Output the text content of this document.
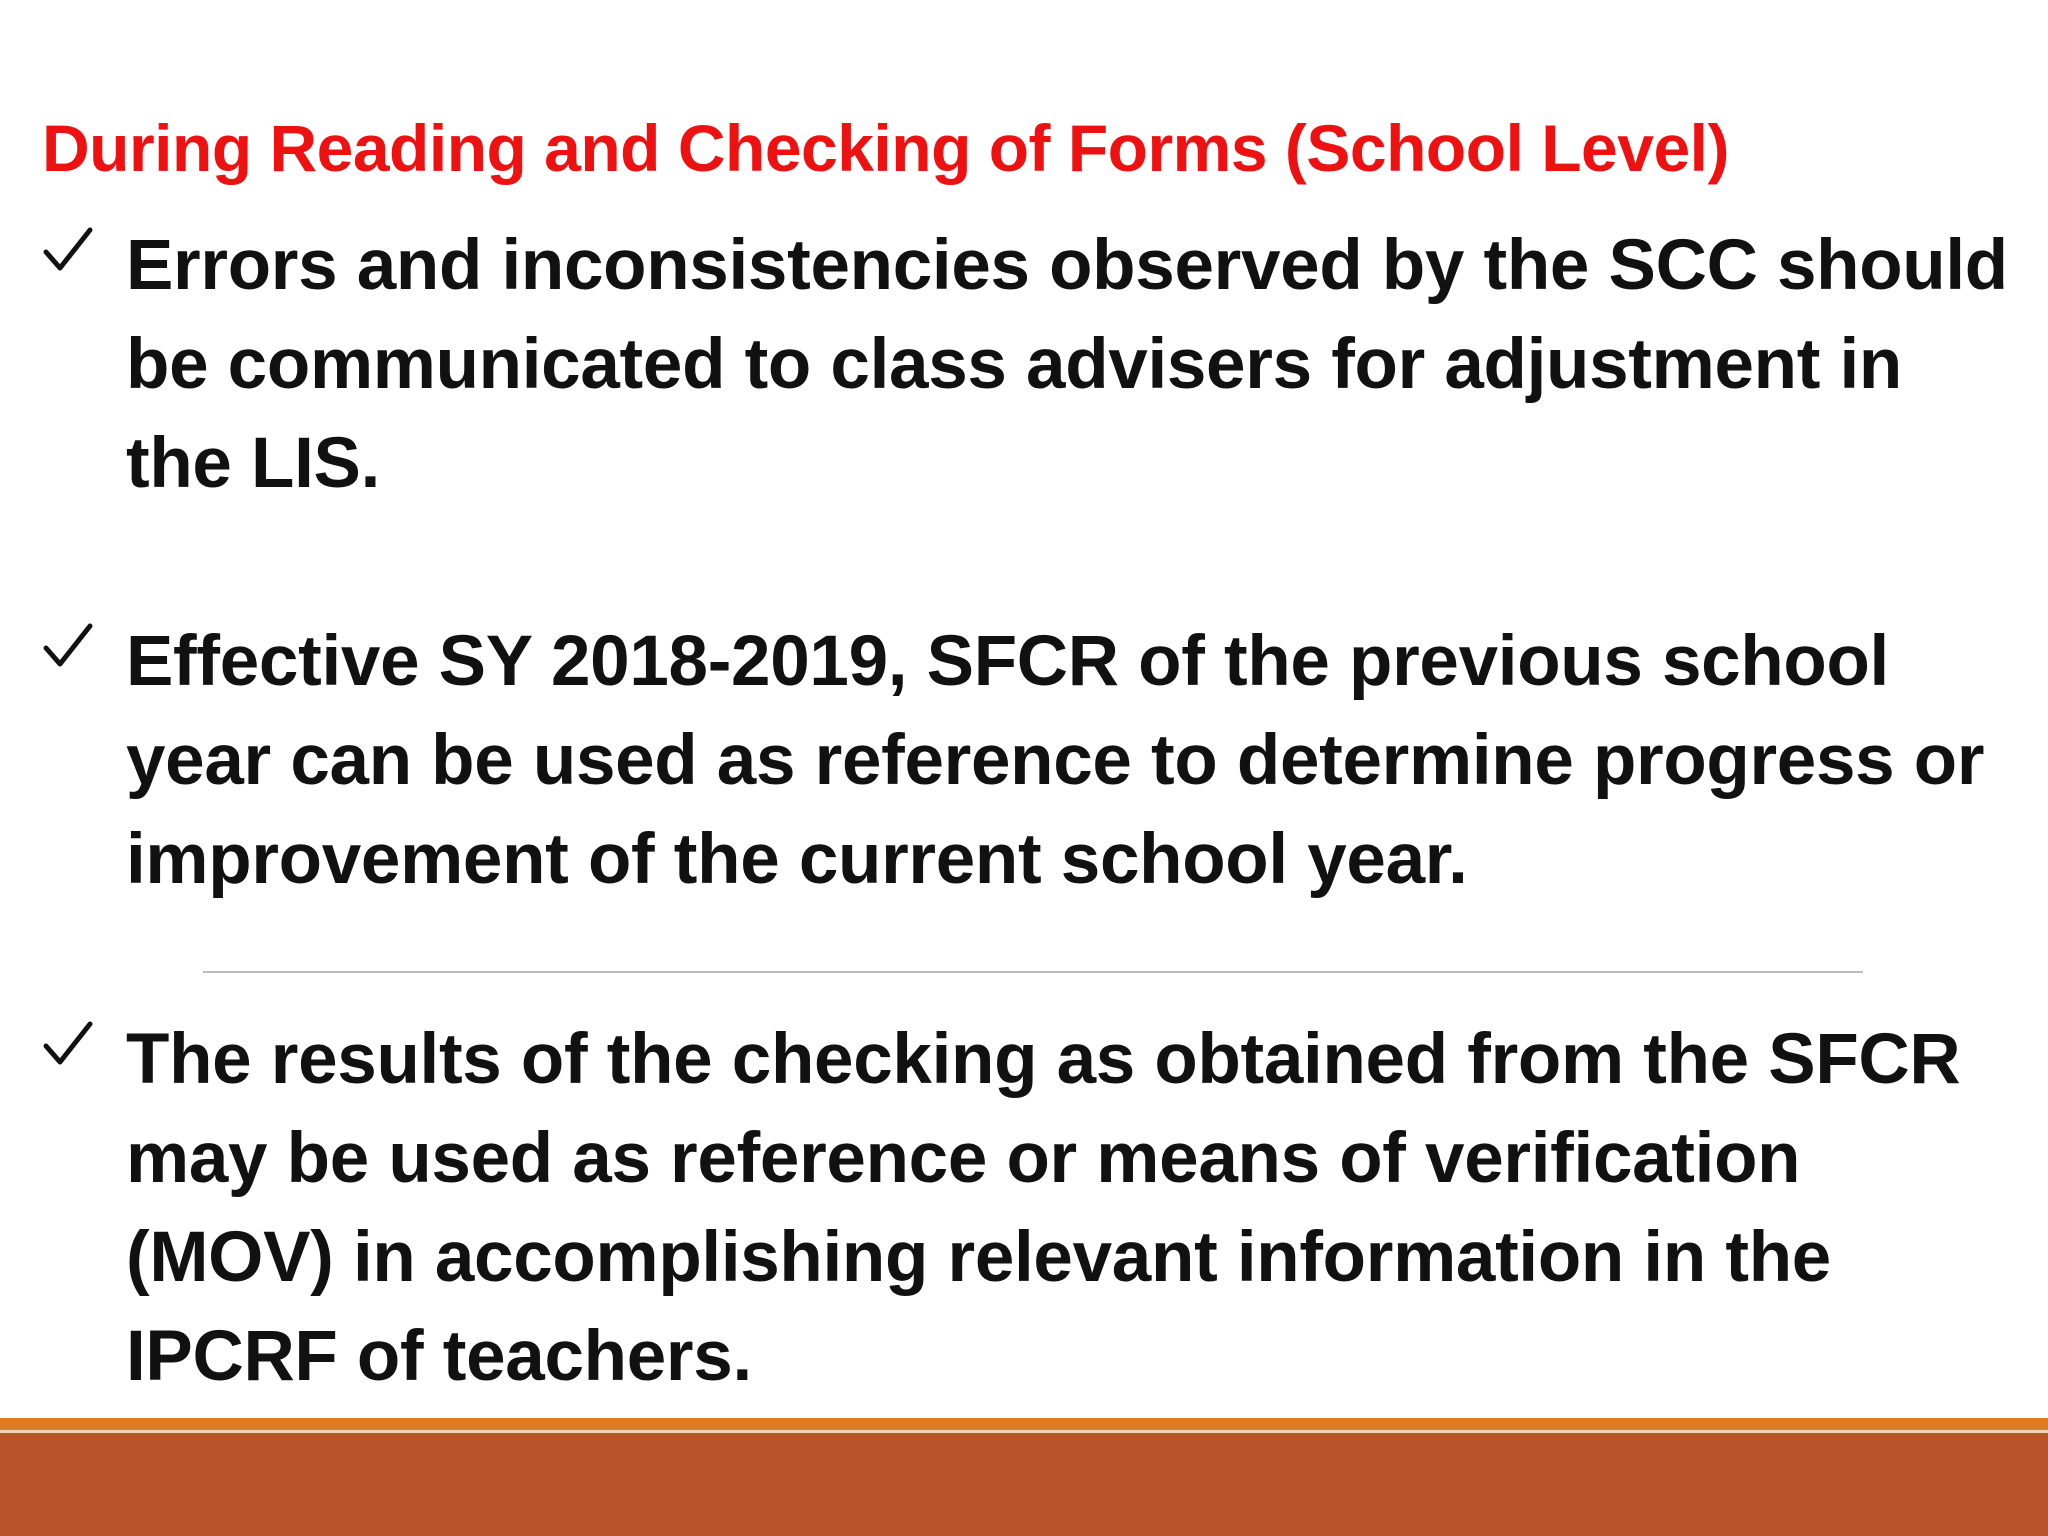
During Reading and Checking of Forms (School Level)
Errors and inconsistencies observed by the SCC should be communicated to class advisers for adjustment in the LIS.
Effective SY 2018-2019, SFCR of the previous school year can be used as reference to determine progress or improvement of the current school year.
The results of the checking as obtained from the SFCR may be used as reference or means of verification (MOV) in accomplishing relevant information in the IPCRF of teachers.
